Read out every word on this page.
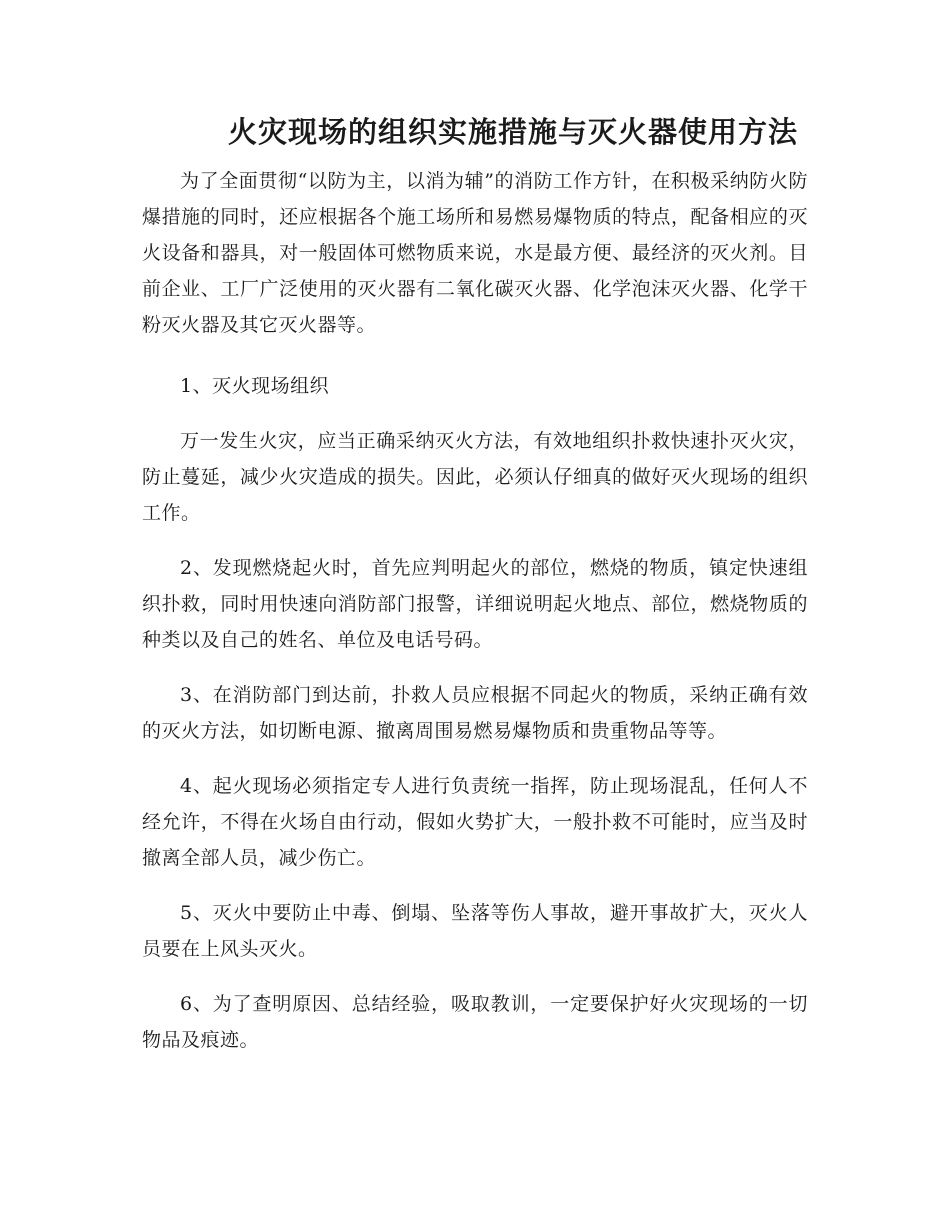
火灾现场的组织实施措施与灭火器使用方法

为了全面贯彻“以防为主，以消为辅”的消防工作方针，在积极采纳防火防爆措施的同时，还应根据各个施工场所和易燃易爆物质的特点，配备相应的灭火设备和器具，对一般固体可燃物质来说，水是最方便、最经济的灭火剂。目前企业、工厂广泛使用的灭火器有二氧化碳灭火器、化学泡沫灭火器、化学干粉灭火器及其它灭火器等。

1、灭火现场组织

万一发生火灾，应当正确采纳灭火方法，有效地组织扑救快速扑灭火灾，防止蔓延，减少火灾造成的损失。因此，必须认仔细真的做好灭火现场的组织工作。

2、发现燃烧起火时，首先应判明起火的部位，燃烧的物质，镇定快速组织扑救，同时用快速向消防部门报警，详细说明起火地点、部位，燃烧物质的种类以及自己的姓名、单位及电话号码。

3、在消防部门到达前，扑救人员应根据不同起火的物质，采纳正确有效的灭火方法，如切断电源、撤离周围易燃易爆物质和贵重物品等等。

4、起火现场必须指定专人进行负责统一指挥，防止现场混乱，任何人不经允许，不得在火场自由行动，假如火势扩大，一般扑救不可能时，应当及时撤离全部人员，减少伤亡。

5、灭火中要防止中毒、倒塌、坠落等伤人事故，避开事故扩大，灭火人员要在上风头灭火。

6、为了查明原因、总结经验，吸取教训，一定要保护好火灾现场的一切物品及痕迹。
